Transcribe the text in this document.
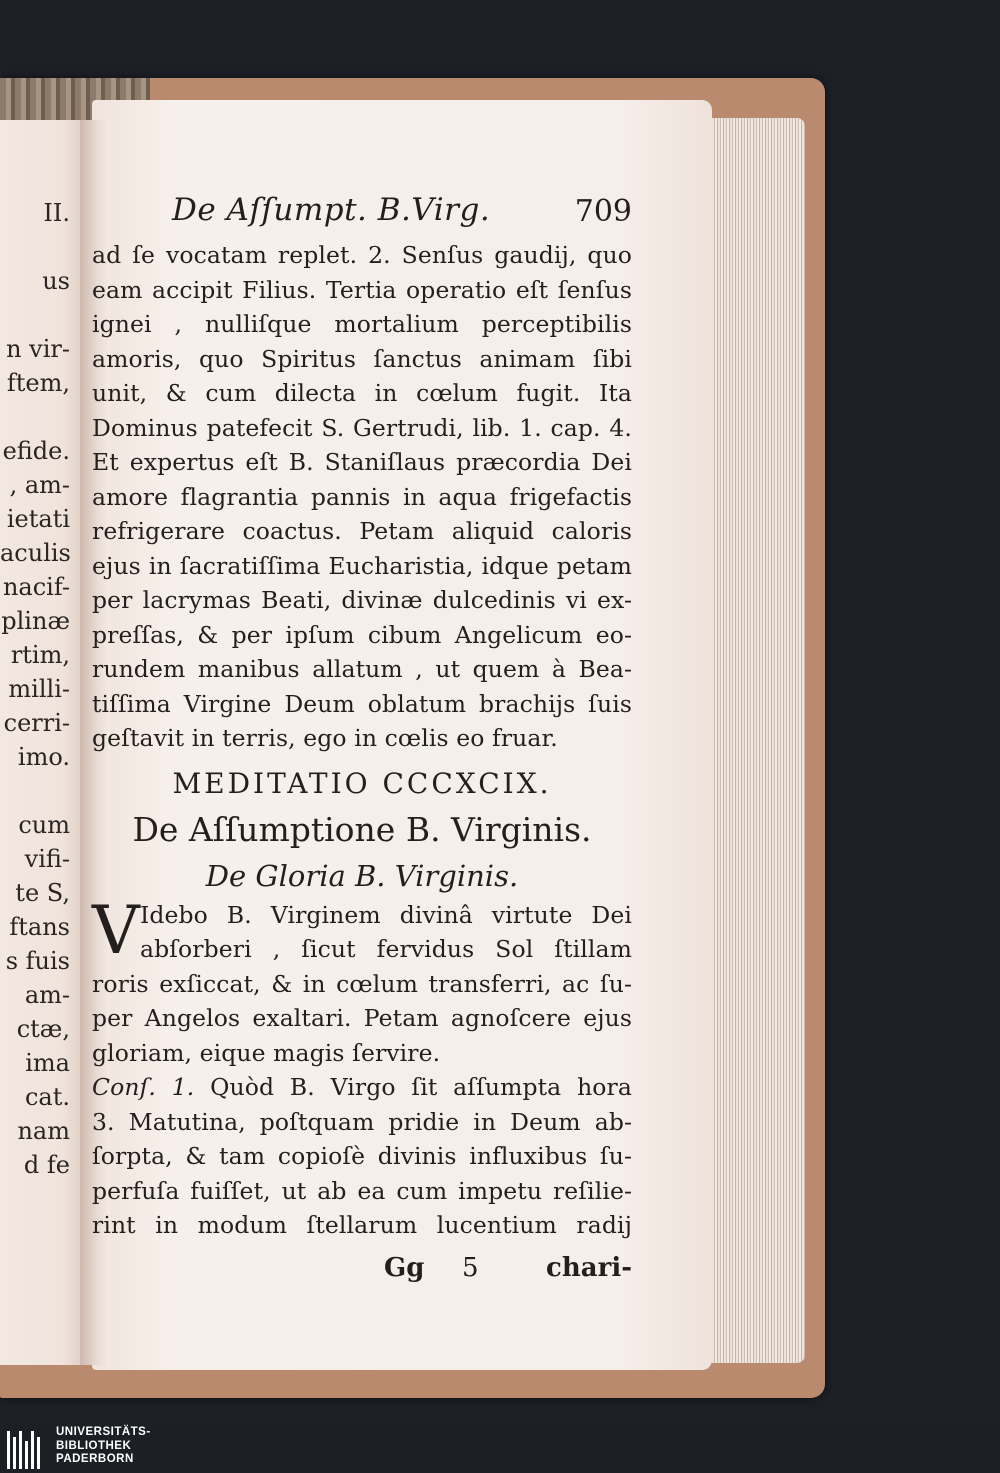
II.
us
n vir-
ftem,
efide.
, am-
ietati
aculis
nacif-
plinæ
rtim,
milli-
cerri-
imo.
cum
vifi-
te S,
ftans
s fuis
am-
ctæ,
ima
cat.
nam
d fe
De Aſſumpt. B.Virg.	709
ad ſe vocatam replet. 2. Senſus gaudij, quo
eam accipit Filius. Tertia operatio eſt ſenſus
ignei , nulliſque mortalium perceptibilis
amoris, quo Spiritus ſanctus animam ſibi
unit, & cum dilecta in cœlum fugit. Ita
Dominus patefecit S. Gertrudi, lib. 1. cap. 4.
Et expertus eſt B. Staniſlaus præcordia Dei
amore flagrantia pannis in aqua frigefactis
refrigerare coactus. Petam aliquid caloris
ejus in ſacratiſſima Eucharistia, idque petam
per lacrymas Beati, divinæ dulcedinis vi ex-
preſſas, & per ipſum cibum Angelicum eo-
rundem manibus allatum , ut quem à Bea-
tiſſima Virgine Deum oblatum brachijs ſuis
geſtavit in terris, ego in cœlis eo fruar.
MEDITATIO CCCXCIX.
De Aſſumptione B. Virginis.
De Gloria B. Virginis.
V Idebo B. Virginem divinâ virtute Dei
abſorberi , ſicut fervidus Sol ſtillam
roris exſiccat, & in cœlum transferri, ac ſu-
per Angelos exaltari. Petam agnoſcere ejus
gloriam, eique magis ſervire.
Conſ. 1. Quòd B. Virgo ſit aſſumpta hora
3. Matutina, poſtquam pridie in Deum ab-
ſorpta, & tam copioſè divinis influxibus ſu-
perfuſa fuiſſet, ut ab ea cum impetu reſilie-
rint in modum ſtellarum lucentium radij
Gg 5	chari-
UNIVERSITÄTS-
BIBLIOTHEK
PADERBORN
